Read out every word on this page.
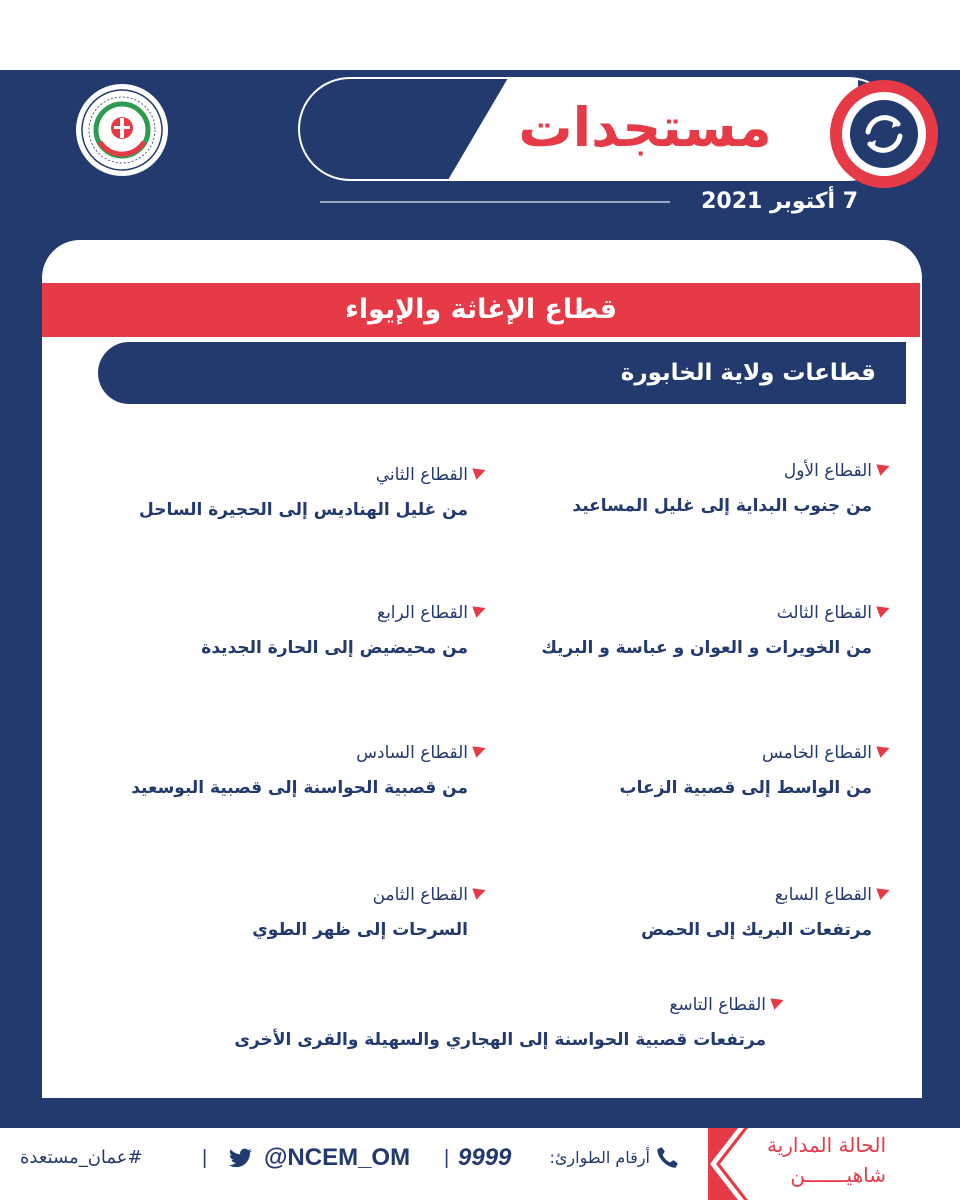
مستجدات
10:55 PM
7 أكتوبر 2021
قطاع الإغاثة والإيواء
قطاعات ولاية الخابورة
القطاع الأول
من جنوب البداية إلى غليل المساعيد
القطاع الثاني
من غليل الهناديس إلى الحجيرة الساحل
القطاع الثالث
من الخويرات و العوان و عباسة و البريك
القطاع الرابع
من محيضيض إلى الحارة الجديدة
القطاع الخامس
من الواسط إلى قصبية الزعاب
القطاع السادس
من قصبية الحواسنة إلى قصبية البوسعيد
القطاع السابع
مرتفعات البريك إلى الحمض
القطاع الثامن
السرحات إلى ظهر الطوي
القطاع التاسع
مرتفعات قصبية الحواسنة إلى الهجاري والسهيلة والقرى الأخرى
الحالة المدارية
شاهيـــــــن
#عمان_مستعدة	| @NCEM_OM	| 9999	أرقام الطوارئ:
